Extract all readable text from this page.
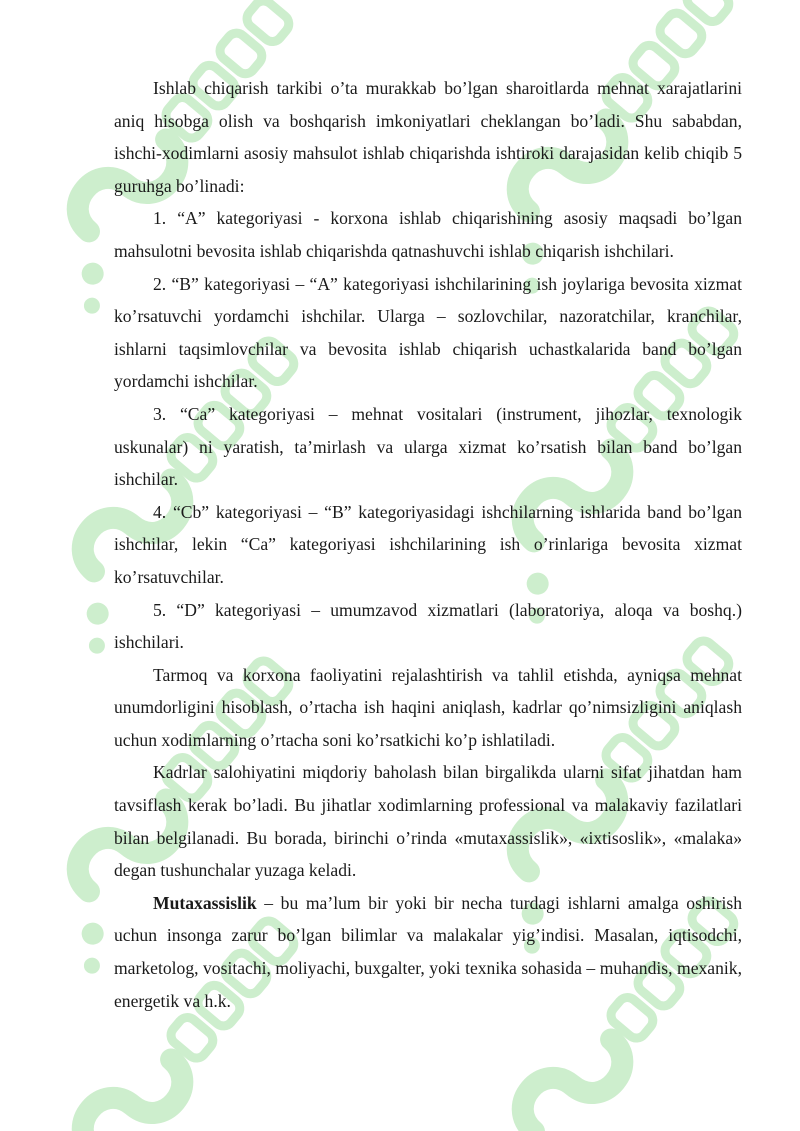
Ishlab chiqarish tarkibi o’ta murakkab bo’lgan sharoitlarda mehnat xarajatlarini aniq hisobga olish va boshqarish imkoniyatlari cheklangan bo’ladi. Shu sababdan, ishchi-xodimlarni asosiy mahsulot ishlab chiqarishda ishtiroki darajasidan kelib chiqib 5 guruhga bo’linadi:

1. “A” kategoriyasi - korxona ishlab chiqarishining asosiy maqsadi bo’lgan mahsulotni bevosita ishlab chiqarishda qatnashuvchi ishlab chiqarish ishchilari.

2. “B” kategoriyasi – “A” kategoriyasi ishchilarining ish joylariga bevosita xizmat ko’rsatuvchi yordamchi ishchilar. Ularga – sozlovchilar, nazoratchilar, kranchilar, ishlarni taqsimlovchilar va bevosita ishlab chiqarish uchastkalarida band bo’lgan yordamchi ishchilar.

3. “Ca” kategoriyasi – mehnat vositalari (instrument, jihozlar, texnologik uskunalar) ni yaratish, ta’mirlash va ularga xizmat ko’rsatish bilan band bo’lgan ishchilar.

4. “Cb” kategoriyasi – “B” kategoriyasidagi ishchilarning ishlarida band bo’lgan ishchilar, lekin “Ca” kategoriyasi ishchilarining ish o’rinlariga bevosita xizmat ko’rsatuvchilar.

5. “D” kategoriyasi – umumzavod xizmatlari (laboratoriya, aloqa va boshq.) ishchilari.

Tarmoq va korxona faoliyatini rejalashtirish va tahlil etishda, ayniqsa mehnat unumdorligini hisoblash, o’rtacha ish haqini aniqlash, kadrlar qo’nimsizligini aniqlash uchun xodimlarning o’rtacha soni ko’rsatkichi ko’p ishlatiladi.

Kadrlar salohiyatini miqdoriy baholash bilan birgalikda ularni sifat jihatdan ham tavsiflash kerak bo’ladi. Bu jihatlar xodimlarning professional va malakaviy fazilatlari bilan belgilanadi. Bu borada, birinchi o’rinda «mutaxassislik», «ixtisoslik», «malaka» degan tushunchalar yuzaga keladi.

Mutaxassislik – bu ma’lum bir yoki bir necha turdagi ishlarni amalga oshirish uchun insonga zarur bo’lgan bilimlar va malakalar yig’indisi. Masalan, iqtisodchi, marketolog, vositachi, moliyachi, buxgalter, yoki texnika sohasida – muhandis, mexanik, energetik va h.k.
